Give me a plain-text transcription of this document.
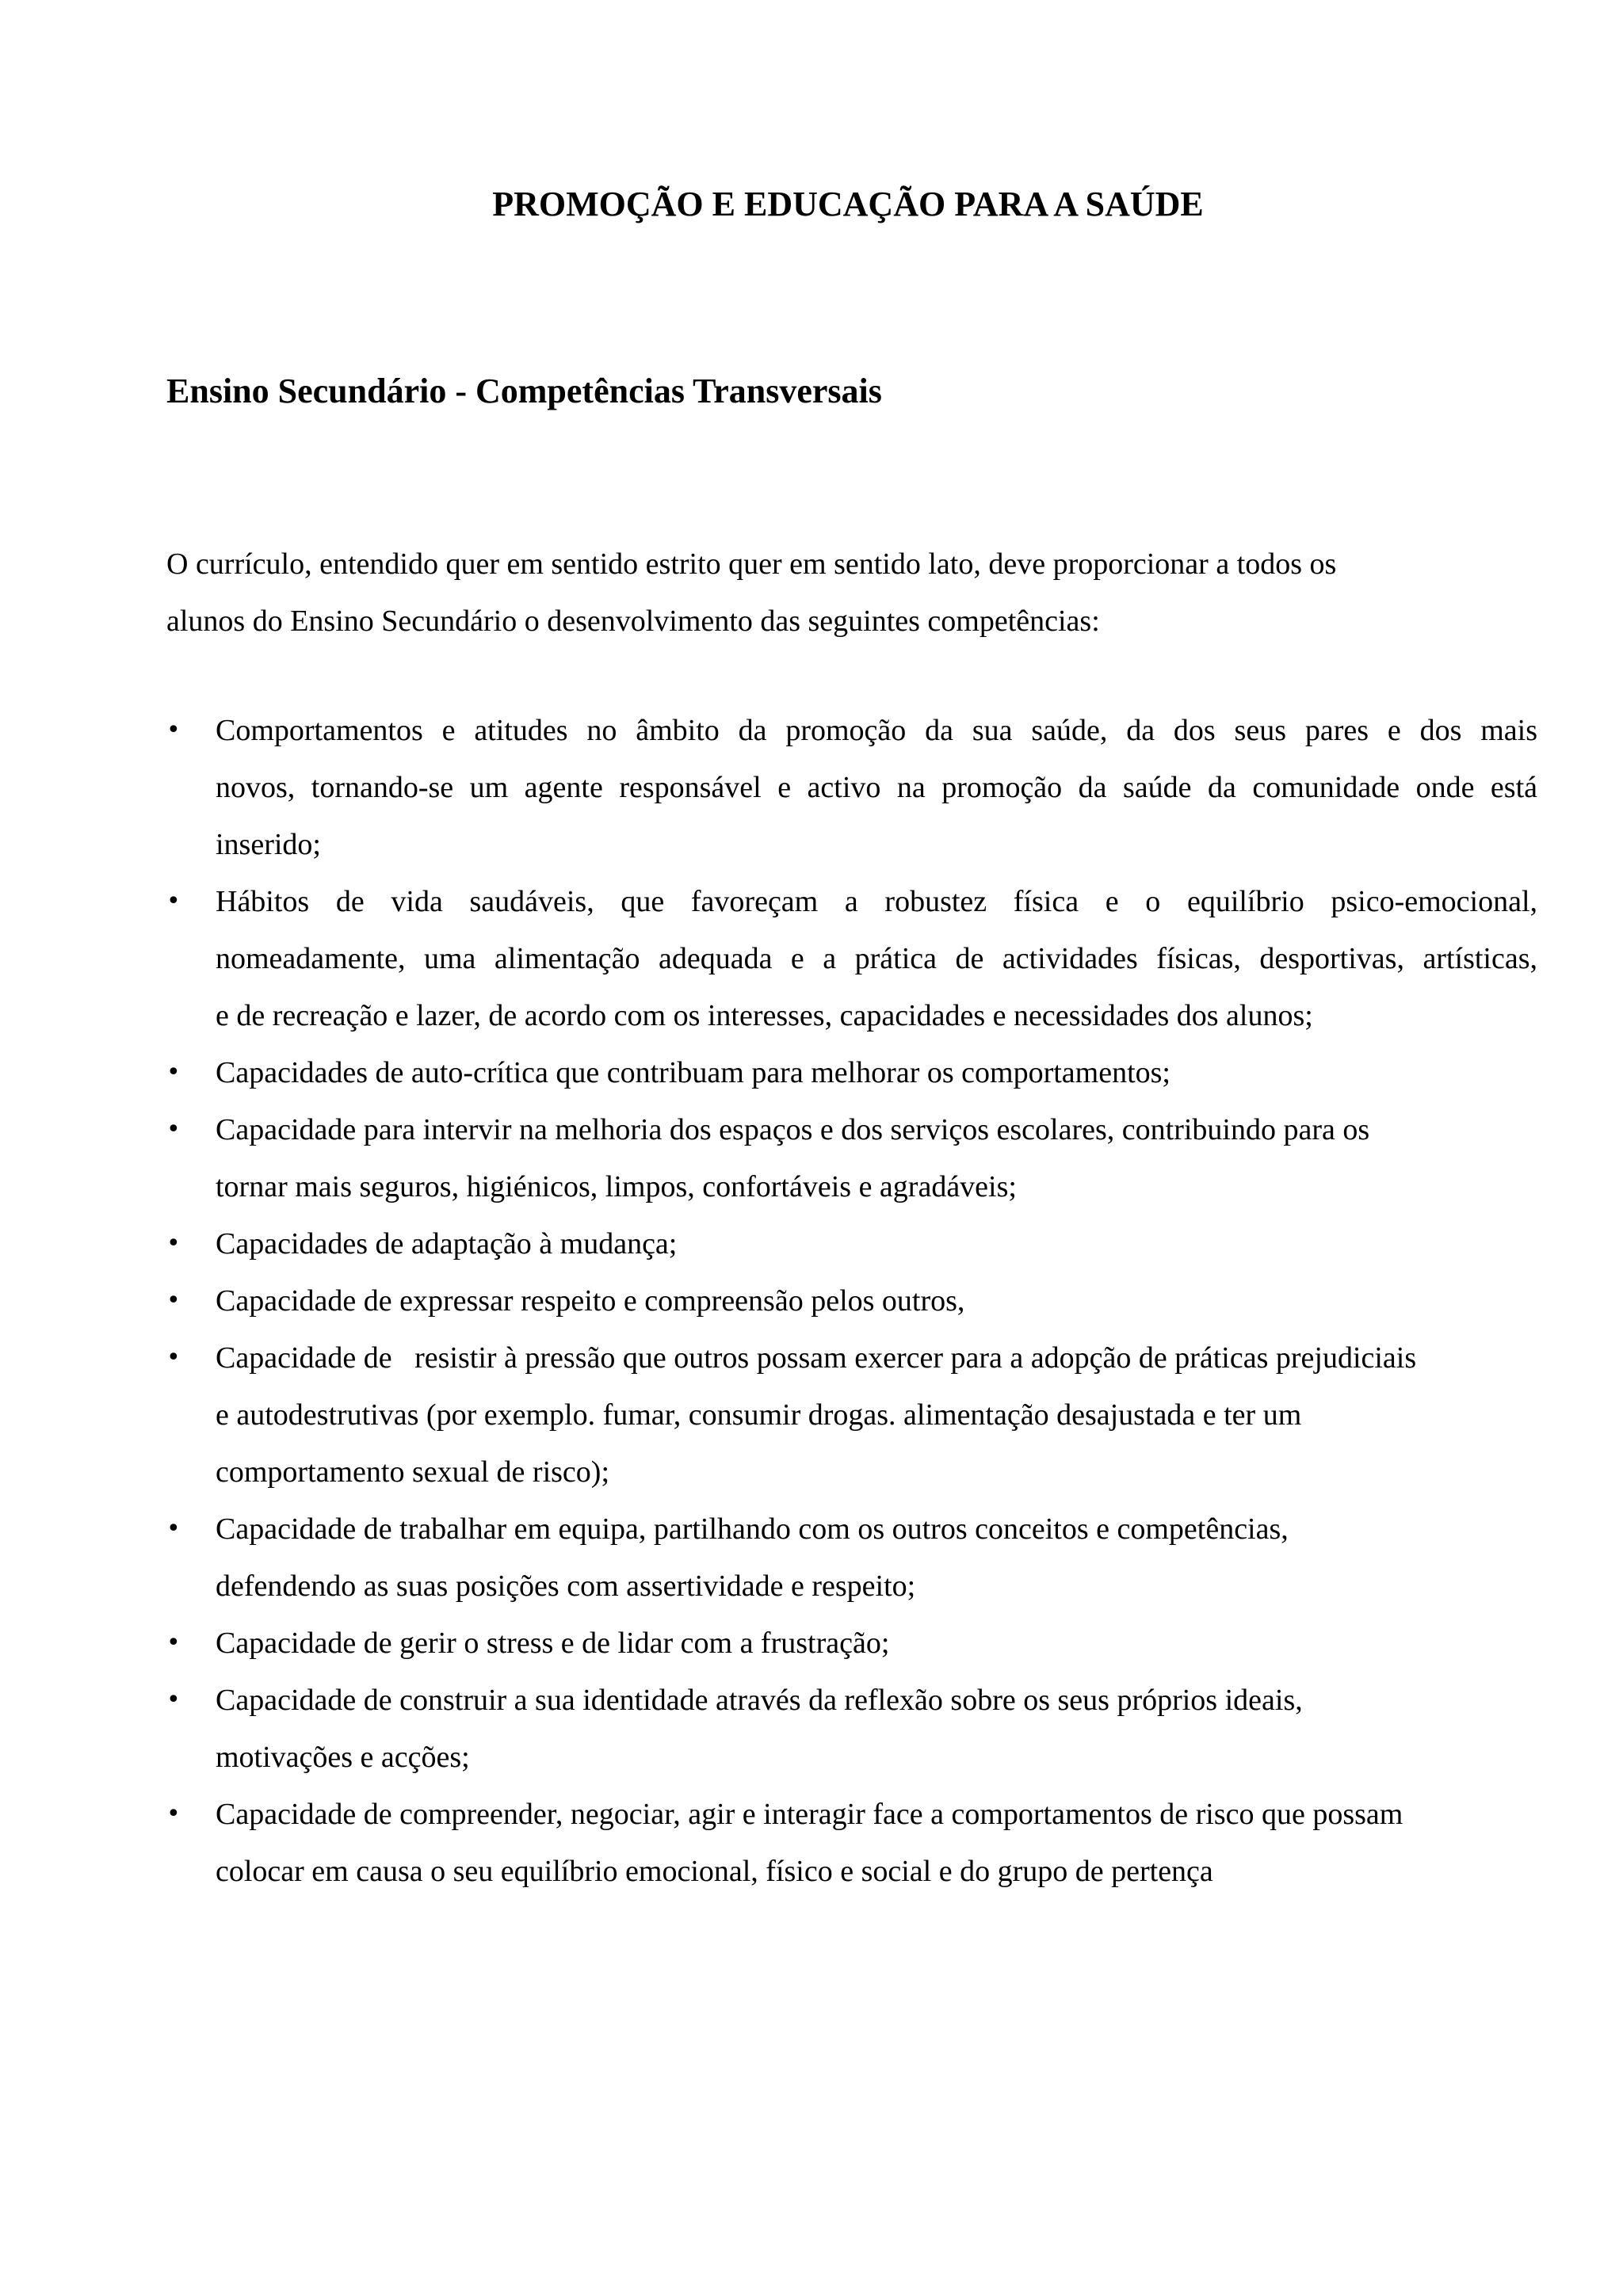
PROMOÇÃO E EDUCAÇÃO PARA A SAÚDE
Ensino Secundário - Competências Transversais
O currículo, entendido quer em sentido estrito quer em sentido lato, deve proporcionar a todos os
alunos do Ensino Secundário o desenvolvimento das seguintes competências:
•	Comportamentos e atitudes no âmbito da promoção da sua saúde, da dos seus pares e dos mais
novos, tornando-se um agente responsável e activo na promoção da saúde da comunidade onde está
inserido;
•	Hábitos de vida saudáveis, que favoreçam a robustez física e o equilíbrio psico-emocional,
nomeadamente, uma alimentação adequada e a prática de actividades físicas, desportivas, artísticas,
e de recreação e lazer, de acordo com os interesses, capacidades e necessidades dos alunos;
•	Capacidades de auto-crítica que contribuam para melhorar os comportamentos;
•	Capacidade para intervir na melhoria dos espaços e dos serviços escolares, contribuindo para os
tornar mais seguros, higiénicos, limpos, confortáveis e agradáveis;
•	Capacidades de adaptação à mudança;
•	Capacidade de expressar respeito e compreensão pelos outros,
•	Capacidade de   resistir à pressão que outros possam exercer para a adopção de práticas prejudiciais
e autodestrutivas (por exemplo. fumar, consumir drogas. alimentação desajustada e ter um
comportamento sexual de risco);
•	Capacidade de trabalhar em equipa, partilhando com os outros conceitos e competências,
defendendo as suas posições com assertividade e respeito;
•	Capacidade de gerir o stress e de lidar com a frustração;
•	Capacidade de construir a sua identidade através da reflexão sobre os seus próprios ideais,
motivações e acções;
•	Capacidade de compreender, negociar, agir e interagir face a comportamentos de risco que possam
colocar em causa o seu equilíbrio emocional, físico e social e do grupo de pertença
